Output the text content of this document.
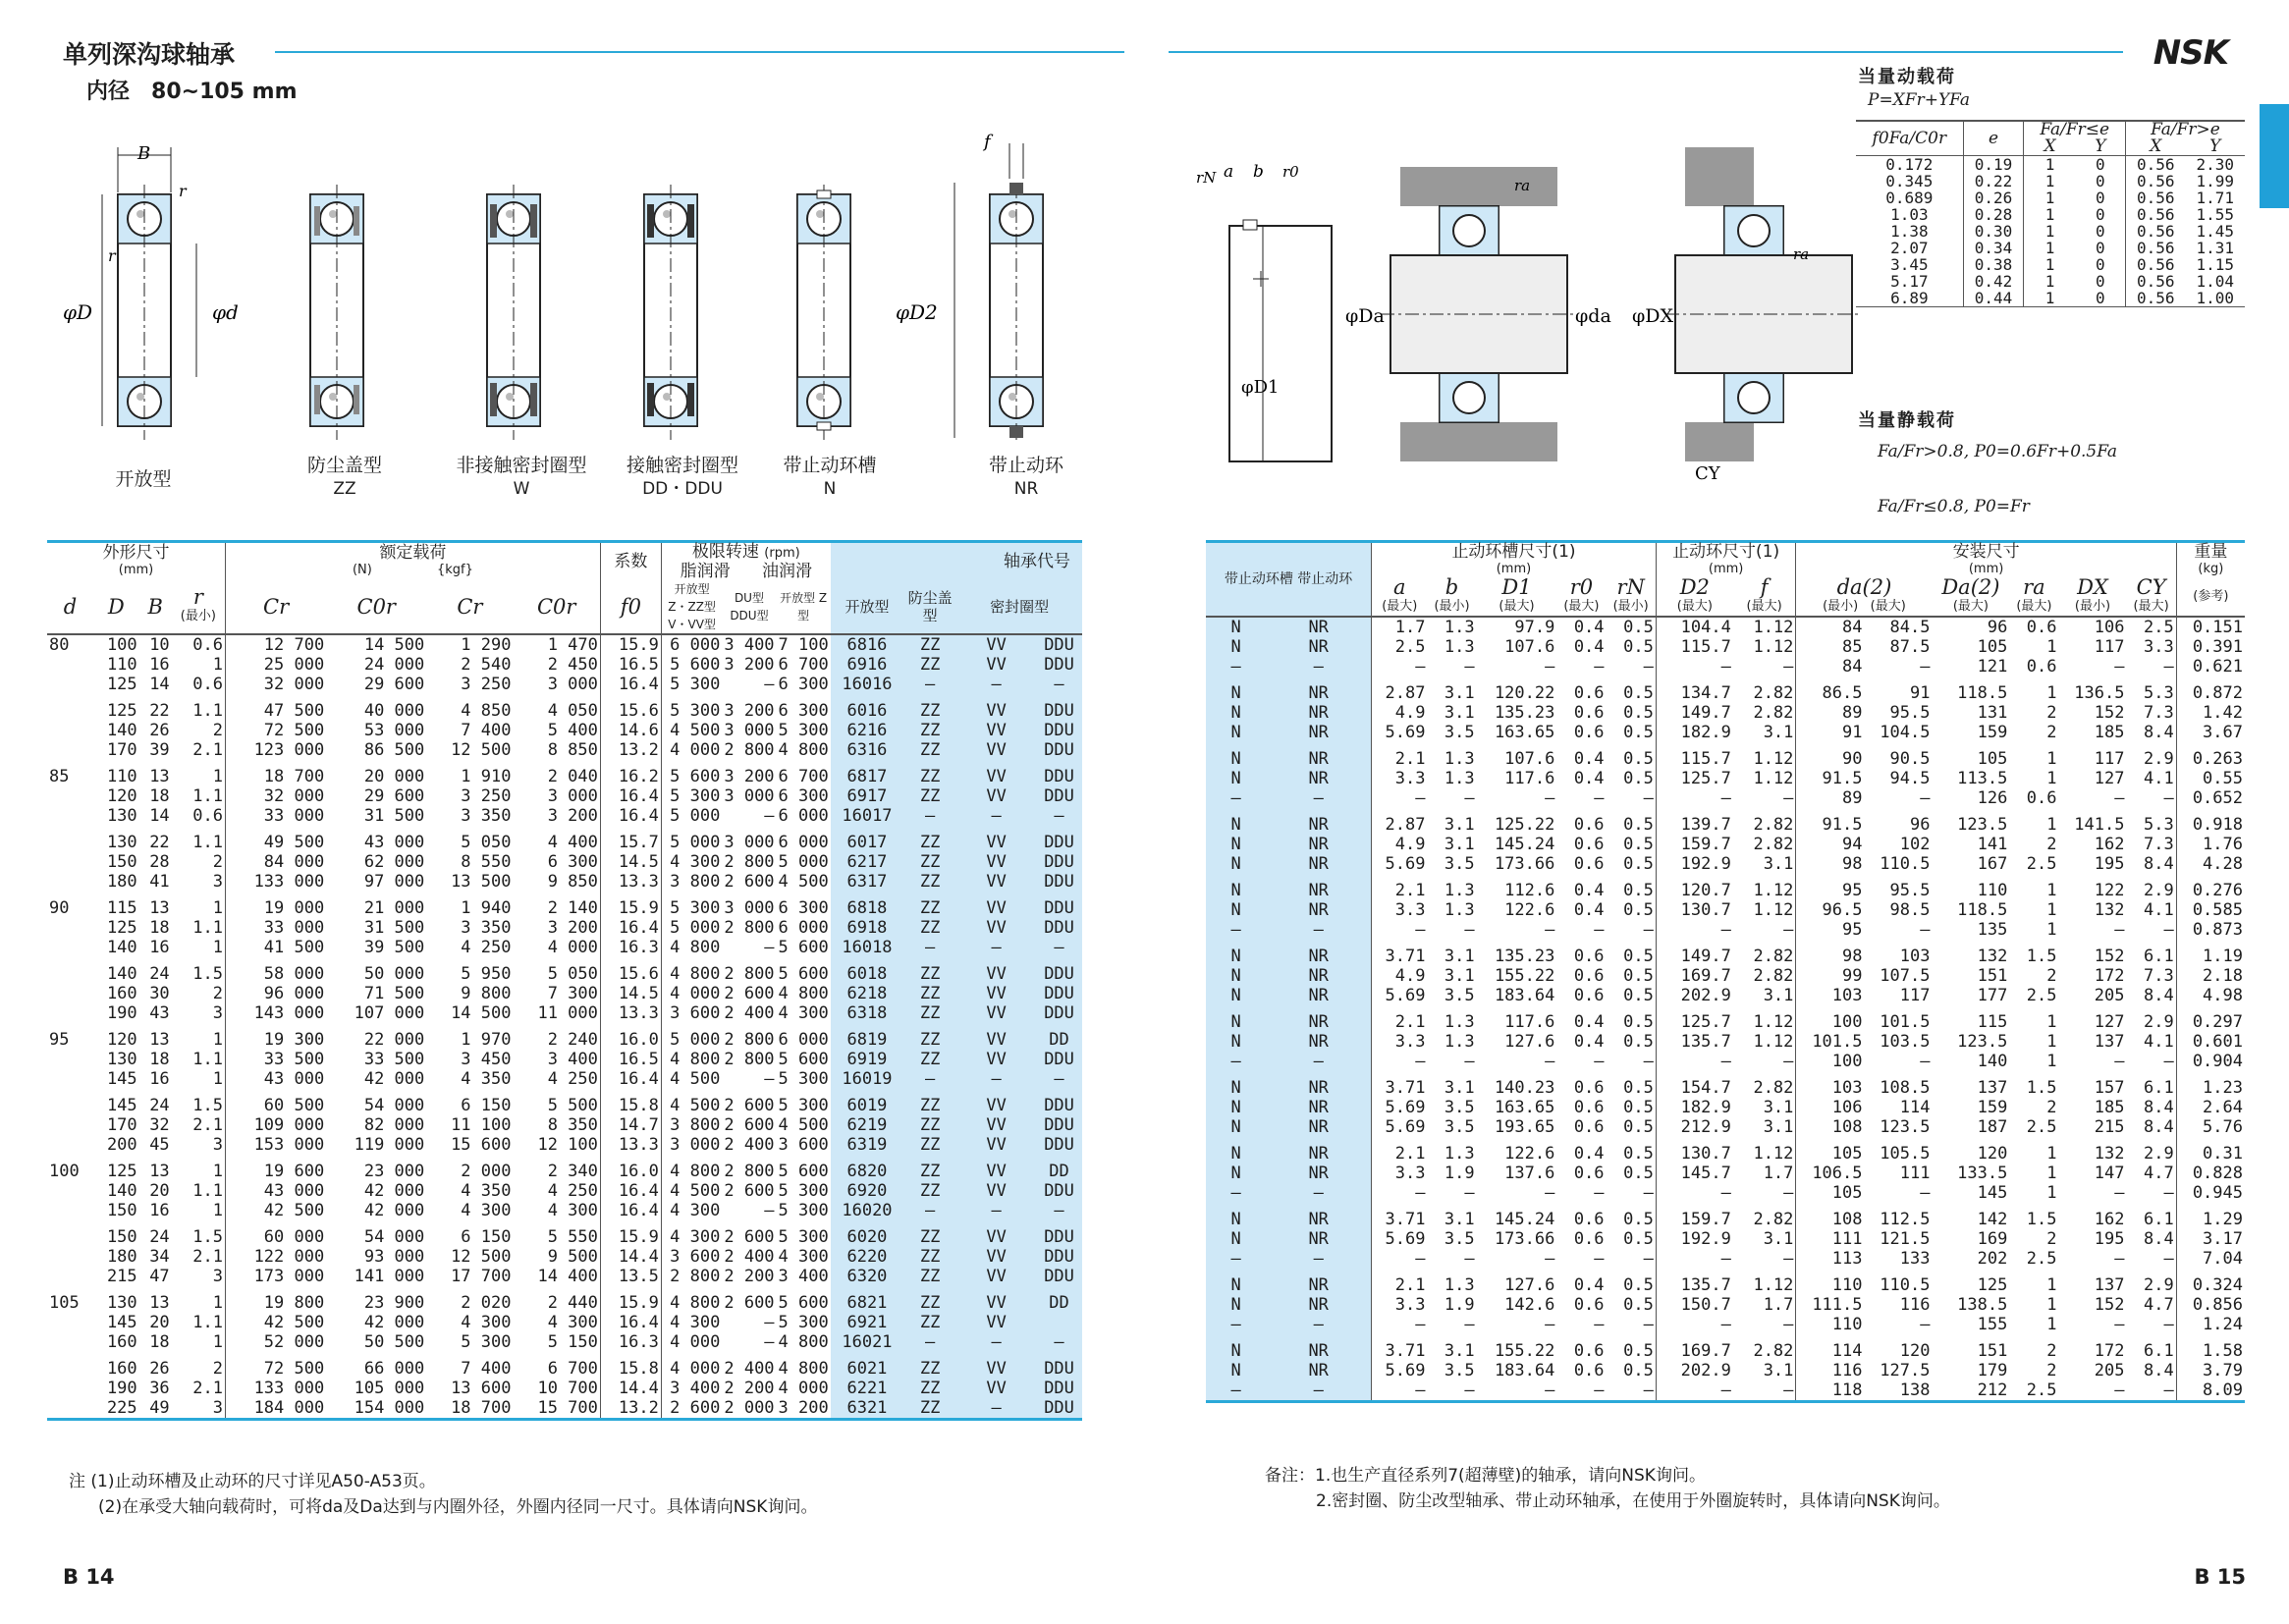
单列深沟球轴承
内径 80~105 mm
B
r
r
φD	φd	φD2
f
开放型
防尘盖型
ZZ
非接触密封圈型
W
接触密封圈型
DD・DDU
带止动环槽
N
带止动环
NR
外形尺寸
(mm)				额定载荷
(N) {kgf}				系数	极限转速 (rpm)
脂润滑 油润滑			轴承代号			
d	D	B	r
(最小)	Cr	C0r	Cr	C0r	f0	开放型 Z・ZZ型 V・VV型	DU型 DDU型	开放型 Z型	开放型	防尘盖型	密封圈型	
80	100	10	0.6	12 700	14 500	1 290	1 470	15.9	6 000	3 400	7 100	6816	ZZ	VV	DDU
	110	16	1	25 000	24 000	2 540	2 450	16.5	5 600	3 200	6 700	6916	ZZ	VV	DDU
	125	14	0.6	32 000	29 600	3 250	3 000	16.4	5 300	—	6 300	16016	—	—	—
	125	22	1.1	47 500	40 000	4 850	4 050	15.6	5 300	3 200	6 300	6016	ZZ	VV	DDU
	140	26	2	72 500	53 000	7 400	5 400	14.6	4 500	3 000	5 300	6216	ZZ	VV	DDU
	170	39	2.1	123 000	86 500	12 500	8 850	13.2	4 000	2 800	4 800	6316	ZZ	VV	DDU
85	110	13	1	18 700	20 000	1 910	2 040	16.2	5 600	3 200	6 700	6817	ZZ	VV	DDU
	120	18	1.1	32 000	29 600	3 250	3 000	16.4	5 300	3 000	6 300	6917	ZZ	VV	DDU
	130	14	0.6	33 000	31 500	3 350	3 200	16.4	5 000	—	6 000	16017	—	—	—
	130	22	1.1	49 500	43 000	5 050	4 400	15.7	5 000	3 000	6 000	6017	ZZ	VV	DDU
	150	28	2	84 000	62 000	8 550	6 300	14.5	4 300	2 800	5 000	6217	ZZ	VV	DDU
	180	41	3	133 000	97 000	13 500	9 850	13.3	3 800	2 600	4 500	6317	ZZ	VV	DDU
90	115	13	1	19 000	21 000	1 940	2 140	15.9	5 300	3 000	6 300	6818	ZZ	VV	DDU
	125	18	1.1	33 000	31 500	3 350	3 200	16.4	5 000	2 800	6 000	6918	ZZ	VV	DDU
	140	16	1	41 500	39 500	4 250	4 000	16.3	4 800	—	5 600	16018	—	—	—
	140	24	1.5	58 000	50 000	5 950	5 050	15.6	4 800	2 800	5 600	6018	ZZ	VV	DDU
	160	30	2	96 000	71 500	9 800	7 300	14.5	4 000	2 600	4 800	6218	ZZ	VV	DDU
	190	43	3	143 000	107 000	14 500	11 000	13.3	3 600	2 400	4 300	6318	ZZ	VV	DDU
95	120	13	1	19 300	22 000	1 970	2 240	16.0	5 000	2 800	6 000	6819	ZZ	VV	DD
	130	18	1.1	33 500	33 500	3 450	3 400	16.5	4 800	2 800	5 600	6919	ZZ	VV	DDU
	145	16	1	43 000	42 000	4 350	4 250	16.4	4 500	—	5 300	16019	—	—	—
	145	24	1.5	60 500	54 000	6 150	5 500	15.8	4 500	2 600	5 300	6019	ZZ	VV	DDU
	170	32	2.1	109 000	82 000	11 100	8 350	14.7	3 800	2 600	4 500	6219	ZZ	VV	DDU
	200	45	3	153 000	119 000	15 600	12 100	13.3	3 000	2 400	3 600	6319	ZZ	VV	DDU
100	125	13	1	19 600	23 000	2 000	2 340	16.0	4 800	2 800	5 600	6820	ZZ	VV	DD
	140	20	1.1	43 000	42 000	4 350	4 250	16.4	4 500	2 600	5 300	6920	ZZ	VV	DDU
	150	16	1	42 500	42 000	4 300	4 300	16.4	4 300	—	5 300	16020	—	—	—
	150	24	1.5	60 000	54 000	6 150	5 550	15.9	4 300	2 600	5 300	6020	ZZ	VV	DDU
	180	34	2.1	122 000	93 000	12 500	9 500	14.4	3 600	2 400	4 300	6220	ZZ	VV	DDU
	215	47	3	173 000	141 000	17 700	14 400	13.5	2 800	2 200	3 400	6320	ZZ	VV	DDU
105	130	13	1	19 800	23 900	2 020	2 440	15.9	4 800	2 600	5 600	6821	ZZ	VV	DD
	145	20	1.1	42 500	42 000	4 300	4 300	16.4	4 300	—	5 300	6921	ZZ	VV	
	160	18	1	52 000	50 500	5 300	5 150	16.3	4 000	—	4 800	16021	—	—	—
	160	26	2	72 500	66 000	7 400	6 700	15.8	4 000	2 400	4 800	6021	ZZ	VV	DDU
	190	36	2.1	133 000	105 000	13 600	10 700	14.4	3 400	2 200	4 000	6221	ZZ	VV	DDU
	225	49	3	184 000	154 000	18 700	15 700	13.2	2 600	2 000	3 200	6321	ZZ	—	DDU
注 (1)止动环槽及止动环的尺寸详见A50-A53页。
(2)在承受大轴向载荷时，可将da及Da达到与内圈外径，外圈内径同一尺寸。具体请向NSK询问。
B 14
NSK
rN a b r0
φD1
φDa	φda
ra
φDX
ra
CY
当量动载荷
P=XFr+YFa
f0Fa/C0r	e	Fa/Fr≤e		Fa/Fr>e	
		X	Y	X	Y
0.172	0.19	1	0	0.56	2.30
0.345	0.22	1	0	0.56	1.99
0.689	0.26	1	0	0.56	1.71
1.03	0.28	1	0	0.56	1.55
1.38	0.30	1	0	0.56	1.45
2.07	0.34	1	0	0.56	1.31
3.45	0.38	1	0	0.56	1.15
5.17	0.42	1	0	0.56	1.04
6.89	0.44	1	0	0.56	1.00
当量静载荷
Fa/Fr>0.8, P0=0.6Fr+0.5Fa
Fa/Fr≤0.8, P0=Fr
带止动环槽 带止动环		止动环槽尺寸(1)
(mm)					止动环尺寸(1)
(mm)		安装尺寸
(mm)						重量
(kg)

		a
(最大)	b
(最小)	D1
(最大)	r0
(最大)	rN
(最小)	D2
(最大)	f
(最大)	da(2)
(最小) (最大)		Da(2)
(最大)	ra
(最大)	DX
(最小)	CY
(最大)	(参考)

N	NR	1.7	1.3	97.9	0.4	0.5	104.4	1.12	84	84.5	96	0.6	106	2.5	0.151
N	NR	2.5	1.3	107.6	0.4	0.5	115.7	1.12	85	87.5	105	1	117	3.3	0.391
—	—	—	—	—	—	—	—	—	84	—	121	0.6	—	—	0.621
N	NR	2.87	3.1	120.22	0.6	0.5	134.7	2.82	86.5	91	118.5	1	136.5	5.3	0.872
N	NR	4.9	3.1	135.23	0.6	0.5	149.7	2.82	89	95.5	131	2	152	7.3	1.42
N	NR	5.69	3.5	163.65	0.6	0.5	182.9	3.1	91	104.5	159	2	185	8.4	3.67
N	NR	2.1	1.3	107.6	0.4	0.5	115.7	1.12	90	90.5	105	1	117	2.9	0.263
N	NR	3.3	1.3	117.6	0.4	0.5	125.7	1.12	91.5	94.5	113.5	1	127	4.1	0.55
—	—	—	—	—	—	—	—	—	89	—	126	0.6	—	—	0.652
N	NR	2.87	3.1	125.22	0.6	0.5	139.7	2.82	91.5	96	123.5	1	141.5	5.3	0.918
N	NR	4.9	3.1	145.24	0.6	0.5	159.7	2.82	94	102	141	2	162	7.3	1.76
N	NR	5.69	3.5	173.66	0.6	0.5	192.9	3.1	98	110.5	167	2.5	195	8.4	4.28
N	NR	2.1	1.3	112.6	0.4	0.5	120.7	1.12	95	95.5	110	1	122	2.9	0.276
N	NR	3.3	1.3	122.6	0.4	0.5	130.7	1.12	96.5	98.5	118.5	1	132	4.1	0.585
—	—	—	—	—	—	—	—	—	95	—	135	1	—	—	0.873
N	NR	3.71	3.1	135.23	0.6	0.5	149.7	2.82	98	103	132	1.5	152	6.1	1.19
N	NR	4.9	3.1	155.22	0.6	0.5	169.7	2.82	99	107.5	151	2	172	7.3	2.18
N	NR	5.69	3.5	183.64	0.6	0.5	202.9	3.1	103	117	177	2.5	205	8.4	4.98
N	NR	2.1	1.3	117.6	0.4	0.5	125.7	1.12	100	101.5	115	1	127	2.9	0.297
N	NR	3.3	1.3	127.6	0.4	0.5	135.7	1.12	101.5	103.5	123.5	1	137	4.1	0.601
—	—	—	—	—	—	—	—	—	100	—	140	1	—	—	0.904
N	NR	3.71	3.1	140.23	0.6	0.5	154.7	2.82	103	108.5	137	1.5	157	6.1	1.23
N	NR	5.69	3.5	163.65	0.6	0.5	182.9	3.1	106	114	159	2	185	8.4	2.64
N	NR	5.69	3.5	193.65	0.6	0.5	212.9	3.1	108	123.5	187	2.5	215	8.4	5.76
N	NR	2.1	1.3	122.6	0.4	0.5	130.7	1.12	105	105.5	120	1	132	2.9	0.31
N	NR	3.3	1.9	137.6	0.6	0.5	145.7	1.7	106.5	111	133.5	1	147	4.7	0.828
—	—	—	—	—	—	—	—	—	105	—	145	1	—	—	0.945
N	NR	3.71	3.1	145.24	0.6	0.5	159.7	2.82	108	112.5	142	1.5	162	6.1	1.29
N	NR	5.69	3.5	173.66	0.6	0.5	192.9	3.1	111	121.5	169	2	195	8.4	3.17
—	—	—	—	—	—	—	—	—	113	133	202	2.5	—	—	7.04
N	NR	2.1	1.3	127.6	0.4	0.5	135.7	1.12	110	110.5	125	1	137	2.9	0.324
N	NR	3.3	1.9	142.6	0.6	0.5	150.7	1.7	111.5	116	138.5	1	152	4.7	0.856
—	—	—	—	—	—	—	—	—	110	—	155	1	—	—	1.24
N	NR	3.71	3.1	155.22	0.6	0.5	169.7	2.82	114	120	151	2	172	6.1	1.58
N	NR	5.69	3.5	183.64	0.6	0.5	202.9	3.1	116	127.5	179	2	205	8.4	3.79
—	—	—	—	—	—	—	—	—	118	138	212	2.5	—	—	8.09
备注：1.也生产直径系列7(超薄壁)的轴承，请向NSK询问。
2.密封圈、防尘改型轴承、带止动环轴承，在使用于外圈旋转时，具体请向NSK询问。
B 15
